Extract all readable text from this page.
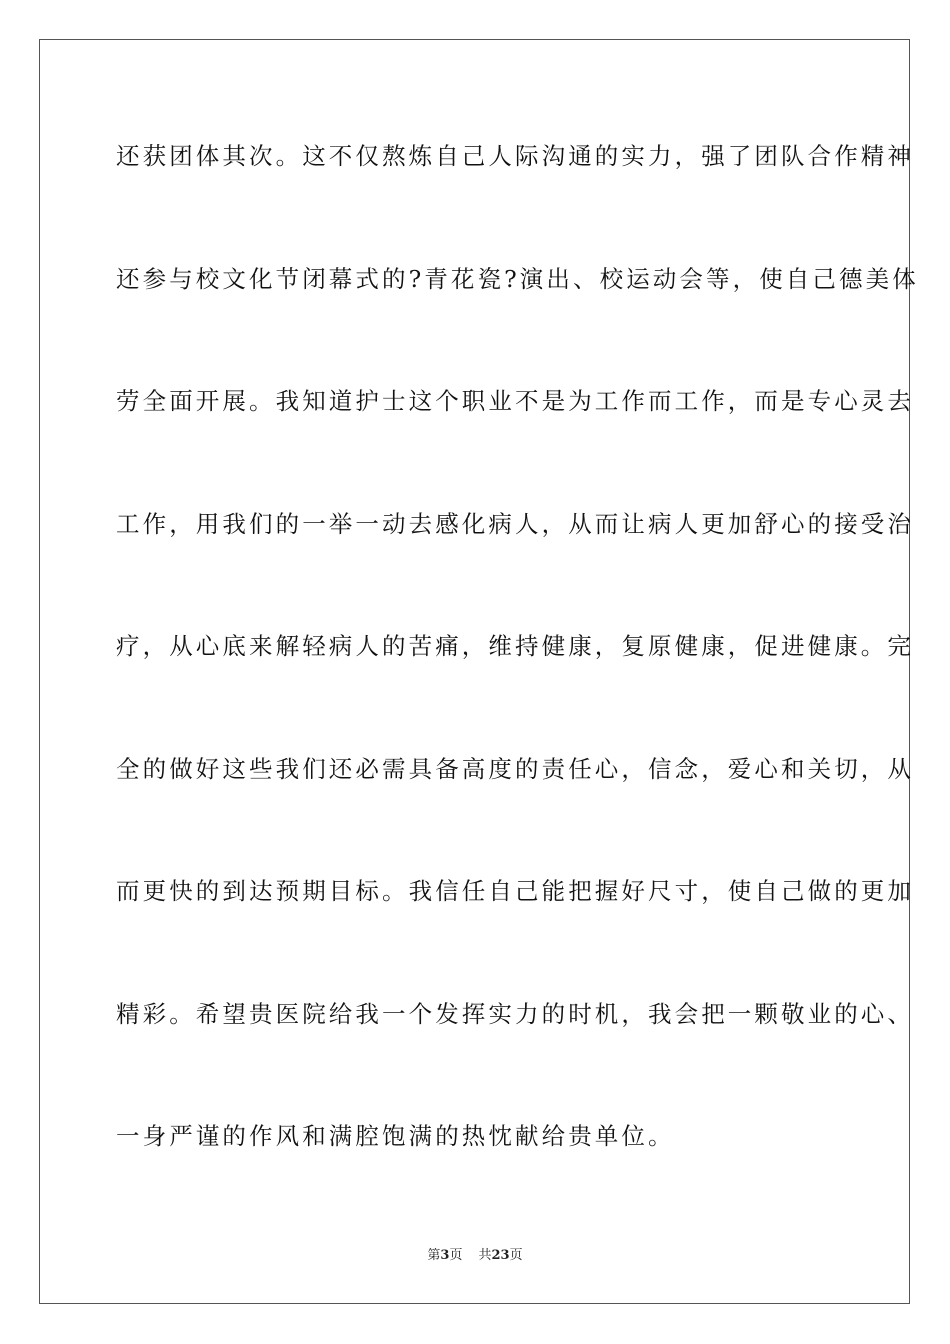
还获团体其次。这不仅熬炼自己人际沟通的实力，强了团队合作精神
还参与校文化节闭幕式的?青花瓷?演出、校运动会等，使自己德美体
劳全面开展。我知道护士这个职业不是为工作而工作，而是专心灵去
工作，用我们的一举一动去感化病人，从而让病人更加舒心的接受治
疗，从心底来解轻病人的苦痛，维持健康，复原健康，促进健康。完
全的做好这些我们还必需具备高度的责任心，信念，爱心和关切，从
而更快的到达预期目标。我信任自己能把握好尺寸，使自己做的更加
精彩。希望贵医院给我一个发挥实力的时机，我会把一颗敬业的心、
一身严谨的作风和满腔饱满的热忱献给贵单位。
第3页 共23页
